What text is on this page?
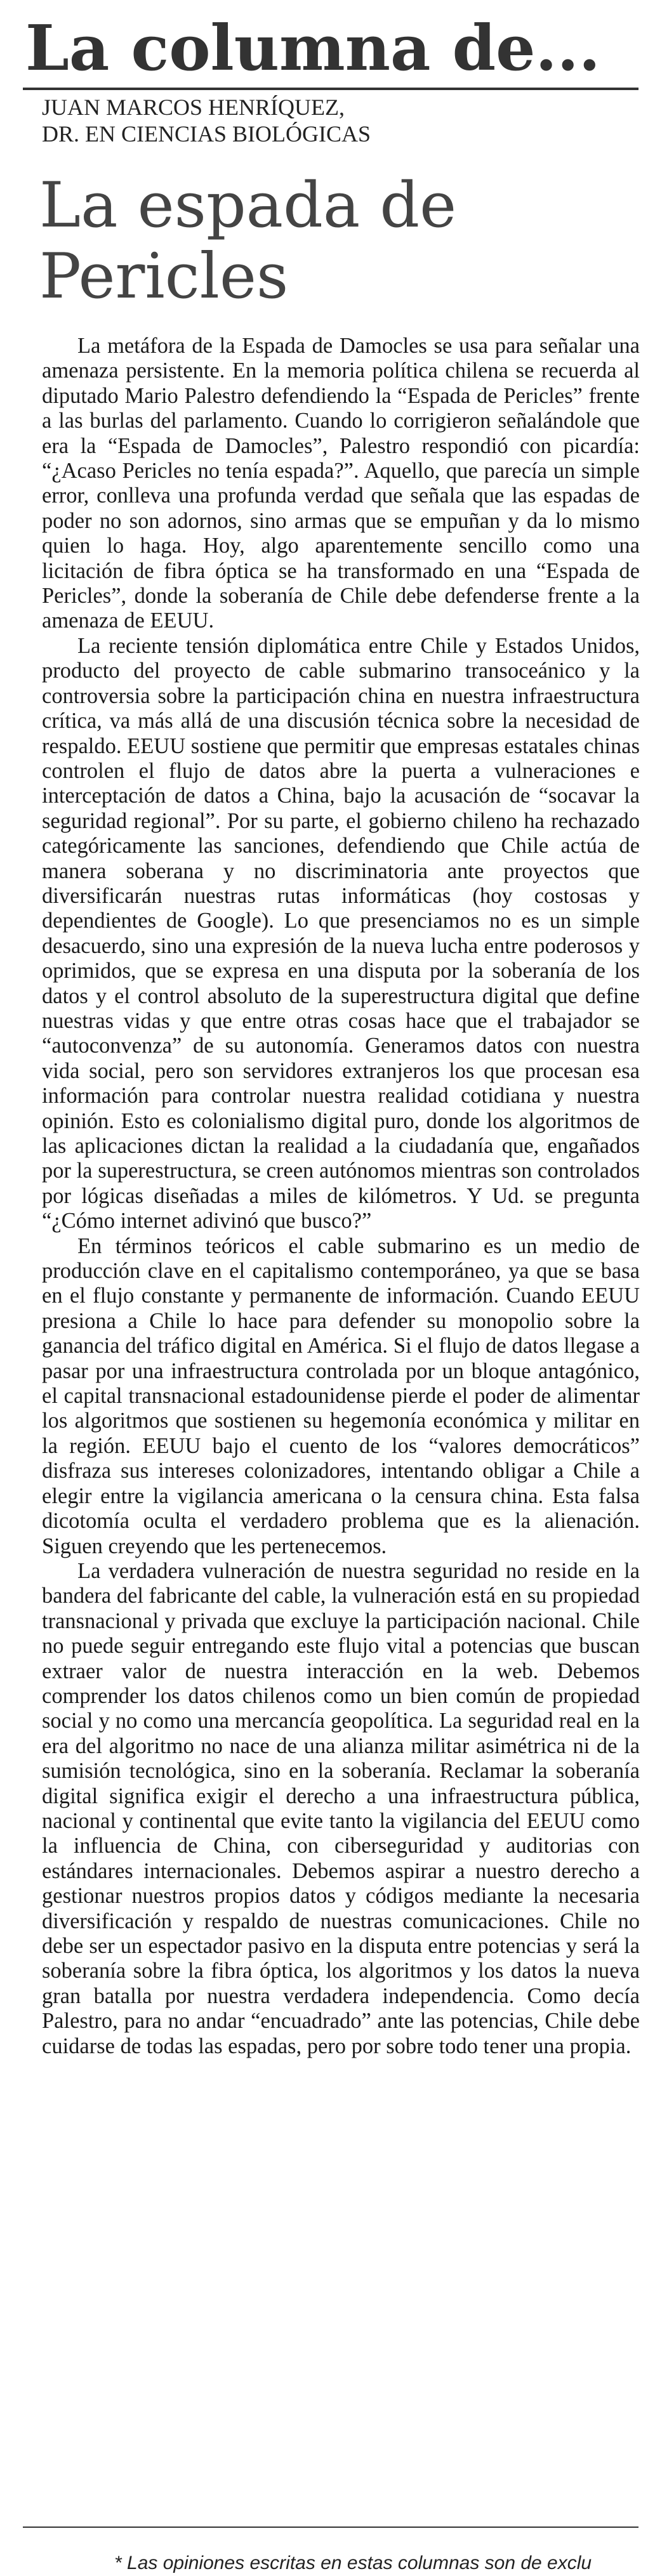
La columna de...
JUAN MARCOS HENRÍQUEZ,
DR. EN CIENCIAS BIOLÓGICAS
La espada de
Pericles

La metáfora de la Espada de Damocles se usa para señalar una amenaza persistente. En la memoria política chilena se recuerda al diputado Mario Palestro defendiendo la “Espada de Pericles” frente a las burlas del parlamento. Cuando lo corrigieron señalándole que era la “Espada de Damocles”, Palestro respondió con picardía: “¿Acaso Pericles no tenía espada?”. Aquello, que parecía un simple error, conlleva una profunda verdad que señala que las espadas de poder no son adornos, sino armas que se empuñan y da lo mismo quien lo haga. Hoy, algo aparentemente sencillo como una licitación de fibra óptica se ha transformado en una “Espada de Pericles”, donde la soberanía de Chile debe defenderse frente a la amenaza de EEUU.

La reciente tensión diplomática entre Chile y Estados Unidos, producto del proyecto de cable submarino transoceánico y la controversia sobre la participación china en nuestra infraestructura crítica, va más allá de una discusión técnica sobre la necesidad de respaldo. EEUU sostiene que permitir que empresas estatales chinas controlen el flujo de datos abre la puerta a vulneraciones e interceptación de datos a China, bajo la acusación de “socavar la seguridad regional”. Por su parte, el gobierno chileno ha rechazado categóricamente las sanciones, defendiendo que Chile actúa de manera soberana y no discriminatoria ante proyectos que diversificarán nuestras rutas informáticas (hoy costosas y dependientes de Google). Lo que presenciamos no es un simple desacuerdo, sino una expresión de la nueva lucha entre poderosos y oprimidos, que se expresa en una disputa por la soberanía de los datos y el control absoluto de la superestructura digital que define nuestras vidas y que entre otras cosas hace que el trabajador se “autoconvenza” de su autonomía. Generamos datos con nuestra vida social, pero son servidores extranjeros los que procesan esa información para controlar nuestra realidad cotidiana y nuestra opinión. Esto es colonialismo digital puro, donde los algoritmos de las aplicaciones dictan la realidad a la ciudadanía que, engañados por la superestructura, se creen autónomos mientras son controlados por lógicas diseñadas a miles de kilómetros. Y Ud. se pregunta “¿Cómo internet adivinó que busco?”

En términos teóricos el cable submarino es un medio de producción clave en el capitalismo contemporáneo, ya que se basa en el flujo constante y permanente de información. Cuando EEUU presiona a Chile lo hace para defender su monopolio sobre la ganancia del tráfico digital en América. Si el flujo de datos llegase a pasar por una infraestructura controlada por un bloque antagónico, el capital transnacional estadounidense pierde el poder de alimentar los algoritmos que sostienen su hegemonía económica y militar en la región. EEUU bajo el cuento de los “valores democráticos” disfraza sus intereses colonizadores, intentando obligar a Chile a elegir entre la vigilancia americana o la censura china. Esta falsa dicotomía oculta el verdadero problema que es la alienación. Siguen creyendo que les pertenecemos.

La verdadera vulneración de nuestra seguridad no reside en la bandera del fabricante del cable, la vulneración está en su propiedad transnacional y privada que excluye la participación nacional. Chile no puede seguir entregando este flujo vital a potencias que buscan extraer valor de nuestra interacción en la web. Debemos comprender los datos chilenos como un bien común de propiedad social y no como una mercancía geopolítica. La seguridad real en la era del algoritmo no nace de una alianza militar asimétrica ni de la sumisión tecnológica, sino en la soberanía. Reclamar la soberanía digital significa exigir el derecho a una infraestructura pública, nacional y continental que evite tanto la vigilancia del EEUU como la influencia de China, con ciberseguridad y auditorias con estándares internacionales. Debemos aspirar a nuestro derecho a gestionar nuestros propios datos y códigos mediante la necesaria diversificación y respaldo de nuestras comunicaciones. Chile no debe ser un espectador pasivo en la disputa entre potencias y será la soberanía sobre la fibra óptica, los algoritmos y los datos la nueva gran batalla por nuestra verdadera independencia. Como decía Palestro, para no andar “encuadrado” ante las potencias, Chile debe cuidarse de todas las espadas, pero por sobre todo tener una propia.

* Las opiniones escritas en estas columnas son de exclu
